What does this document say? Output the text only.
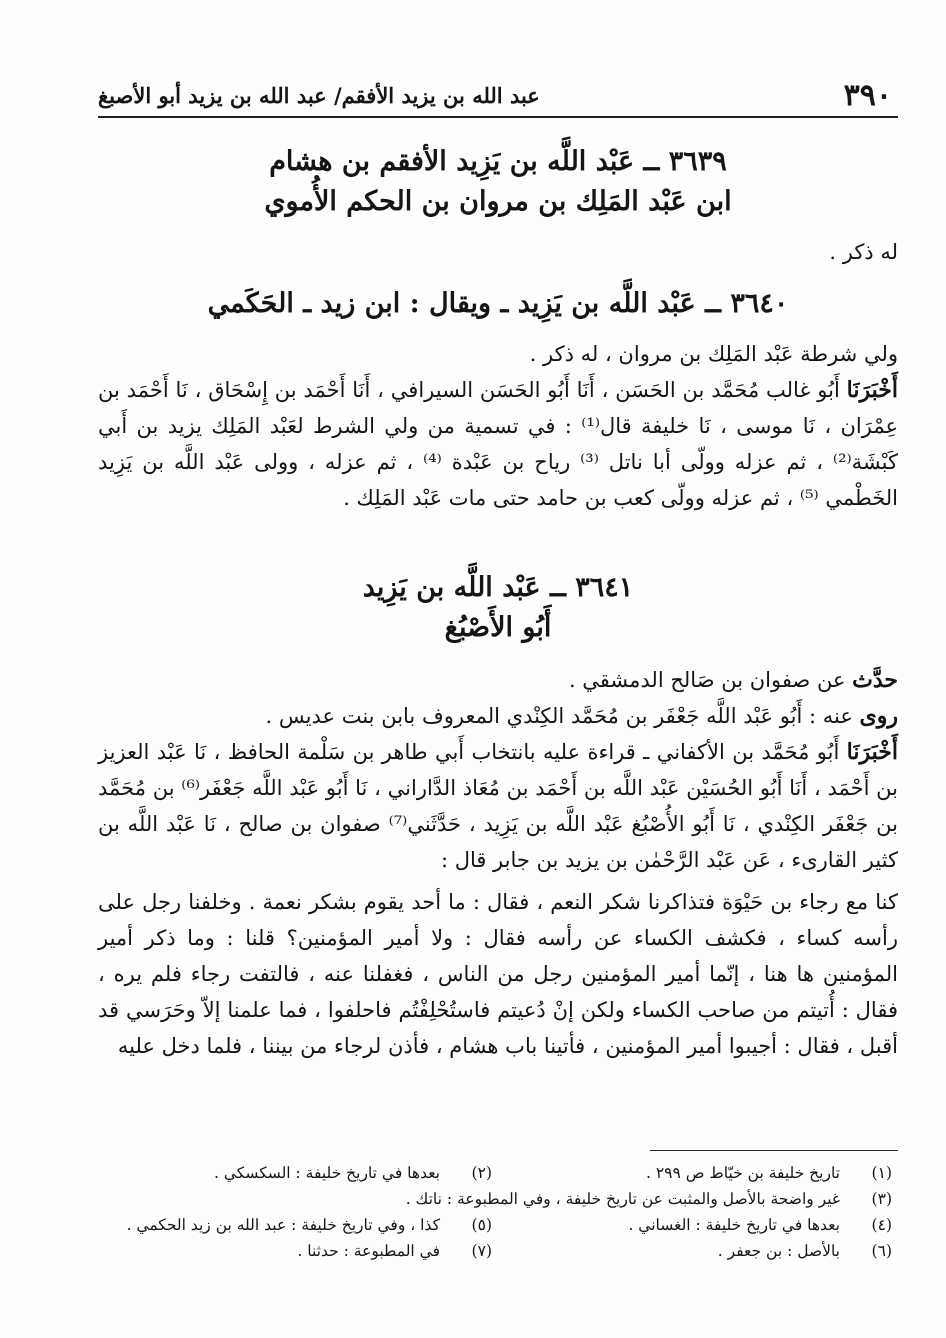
٣٩٠
عبد الله بن يزيد الأفقم/ عبد الله بن يزيد أبو الأصبغ
٣٦٣٩ ــ عَبْد اللَّه بن يَزِيد الأفقم بن هشام
ابن عَبْد المَلِك بن مروان بن الحكم الأُموي

له ذكر .

٣٦٤٠ ــ عَبْد اللَّه بن يَزِيد ـ ويقال : ابن زيد ـ الحَكَمي

ولي شرطة عَبْد المَلِك بن مروان ، له ذكر .

أَخْبَرَنَا أَبُو غالب مُحَمَّد بن الحَسَن ، أَنَا أَبُو الحَسَن السيرافي ، أَنَا أَحْمَد بن إِسْحَاق ، نَا أَحْمَد بن عِمْرَان ، نَا موسى ، نَا خليفة قال⁽¹⁾ : في تسمية من ولي الشرط لعَبْد المَلِك يزيد بن أَبي كَبْشَة⁽²⁾ ، ثم عزله وولّى أبا ناتل ⁽³⁾ رياح بن عَبْدة ⁽⁴⁾ ، ثم عزله ، وولى عَبْد اللَّه بن يَزِيد الخَطْمي ⁽⁵⁾ ، ثم عزله وولّى كعب بن حامد حتى مات عَبْد المَلِك .

٣٦٤١ ــ عَبْد اللَّه بن يَزِيد
أَبُو الأَصْبُغ

حدَّث عن صفوان بن صَالح الدمشقي .

روى عنه : أَبُو عَبْد اللَّه جَعْفَر بن مُحَمَّد الكِنْدي المعروف بابن بنت عديس .

أَخْبَرَنَا أَبُو مُحَمَّد بن الأكفاني ـ قراءة عليه بانتخاب أَبي طاهر بن سَلْمة الحافظ ، نَا عَبْد العزيز بن أَحْمَد ، أَنَا أَبُو الحُسَيْن عَبْد اللَّه بن أَحْمَد بن مُعَاذ الدَّاراني ، نَا أَبُو عَبْد اللَّه جَعْفَر⁽⁶⁾ بن مُحَمَّد بن جَعْفَر الكِنْدي ، نَا أَبُو الأُصْبُغ عَبْد اللَّه بن يَزِيد ، حَدَّثَني⁽⁷⁾ صفوان بن صالح ، نَا عَبْد اللَّه بن كثير القارىء ، عَن عَبْد الرَّحْمٰن بن يزيد بن جابر قال :

كنا مع رجاء بن حَيْوَة فتذاكرنا شكر النعم ، فقال : ما أحد يقوم بشكر نعمة . وخلفنا رجل على رأسه كساء ، فكشف الكساء عن رأسه فقال : ولا أمير المؤمنين؟ قلنا : وما ذكر أمير المؤمنين ها هنا ، إنّما أمير المؤمنين رجل من الناس ، فغفلنا عنه ، فالتفت رجاء فلم يره ، فقال : أُتيتم من صاحب الكساء ولكن إنْ دُعيتم فاستُحْلِفْتُم فاحلفوا ، فما علمنا إلاّ وحَرَسي قد أقبل ، فقال : أجيبوا أمير المؤمنين ، فأتينا باب هشام ، فأذن لرجاء من بيننا ، فلما دخل عليه

(١)
تاريخ خليفة بن خيّاط ص ٢٩٩ .
(٢)
بعدها في تاريخ خليفة : السكسكي .
(٣)
غير واضحة بالأصل والمثبت عن تاريخ خليفة ، وفي المطبوعة : ناتك .
(٤)
بعدها في تاريخ خليفة : الغساني .
(٥)
كذا ، وفي تاريخ خليفة : عبد الله بن زيد الحكمي .
(٦)
بالأصل : بن جعفر .
(٧)
في المطبوعة : حدثنا .
